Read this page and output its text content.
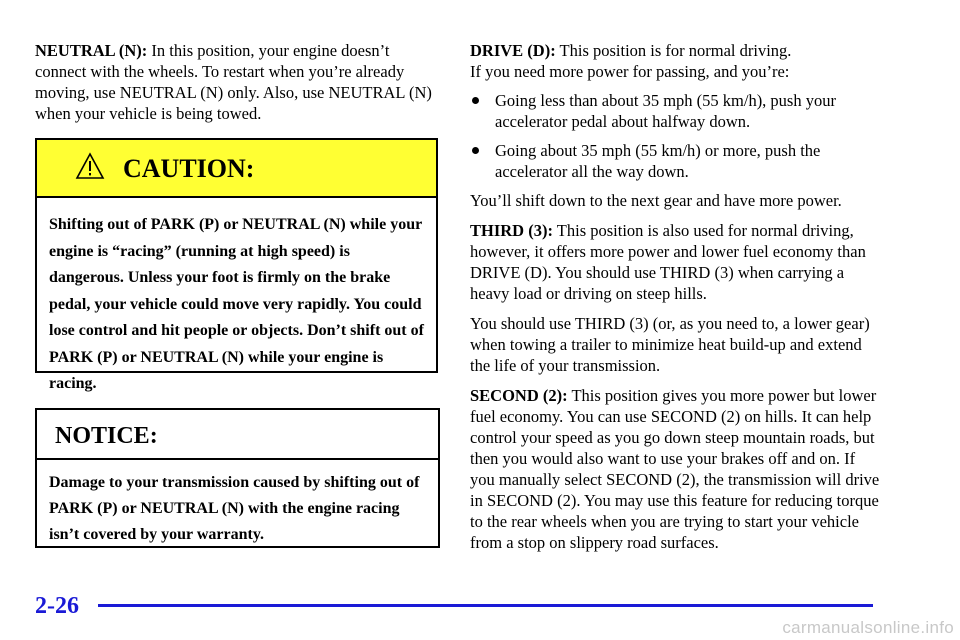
NEUTRAL (N): In this position, your engine doesn’t connect with the wheels. To restart when you’re already moving, use NEUTRAL (N) only. Also, use NEUTRAL (N) when your vehicle is being towed.

CAUTION:
Shifting out of PARK (P) or NEUTRAL (N) while your engine is “racing” (running at high speed) is dangerous. Unless your foot is firmly on the brake pedal, your vehicle could move very rapidly. You could lose control and hit people or objects. Don’t shift out of PARK (P) or NEUTRAL (N) while your engine is racing.
NOTICE:
Damage to your transmission caused by shifting out of PARK (P) or NEUTRAL (N) with the engine racing isn’t covered by your warranty.

DRIVE (D): This position is for normal driving.

If you need more power for passing, and you’re:

Going less than about 35 mph (55 km/h), push your accelerator pedal about halfway down.
Going about 35 mph (55 km/h) or more, push the accelerator all the way down.

You’ll shift down to the next gear and have more power.

THIRD (3): This position is also used for normal driving, however, it offers more power and lower fuel economy than DRIVE (D). You should use THIRD (3) when carrying a heavy load or driving on steep hills.

You should use THIRD (3) (or, as you need to, a lower gear) when towing a trailer to minimize heat build-up and extend the life of your transmission.

SECOND (2): This position gives you more power but lower fuel economy. You can use SECOND (2) on hills. It can help control your speed as you go down steep mountain roads, but then you would also want to use your brakes off and on. If you manually select SECOND (2), the transmission will drive in SECOND (2). You may use this feature for reducing torque to the rear wheels when you are trying to start your vehicle from a stop on slippery road surfaces.

2-26
carmanualsonline.info
